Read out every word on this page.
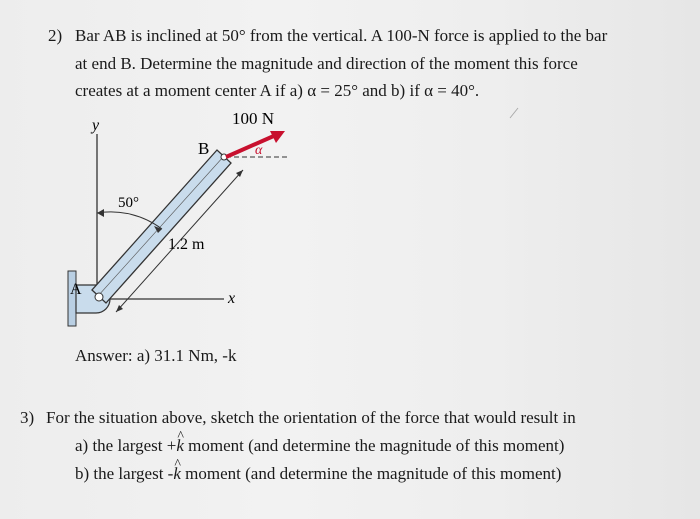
2) Bar AB is inclined at 50° from the vertical. A 100-N force is applied to the bar
at end B. Determine the magnitude and direction of the moment this force
creates at a moment center A if a) α = 25° and b) if α = 40°.
100 N
B
A
α
50°
1.2 m
x
y
Answer: a) 31.1 Nm, -k
3) For the situation above, sketch the orientation of the force that would result in
a) the largest +^ k moment (and determine the magnitude of this moment)
b) the largest -^ k moment (and determine the magnitude of this moment)
